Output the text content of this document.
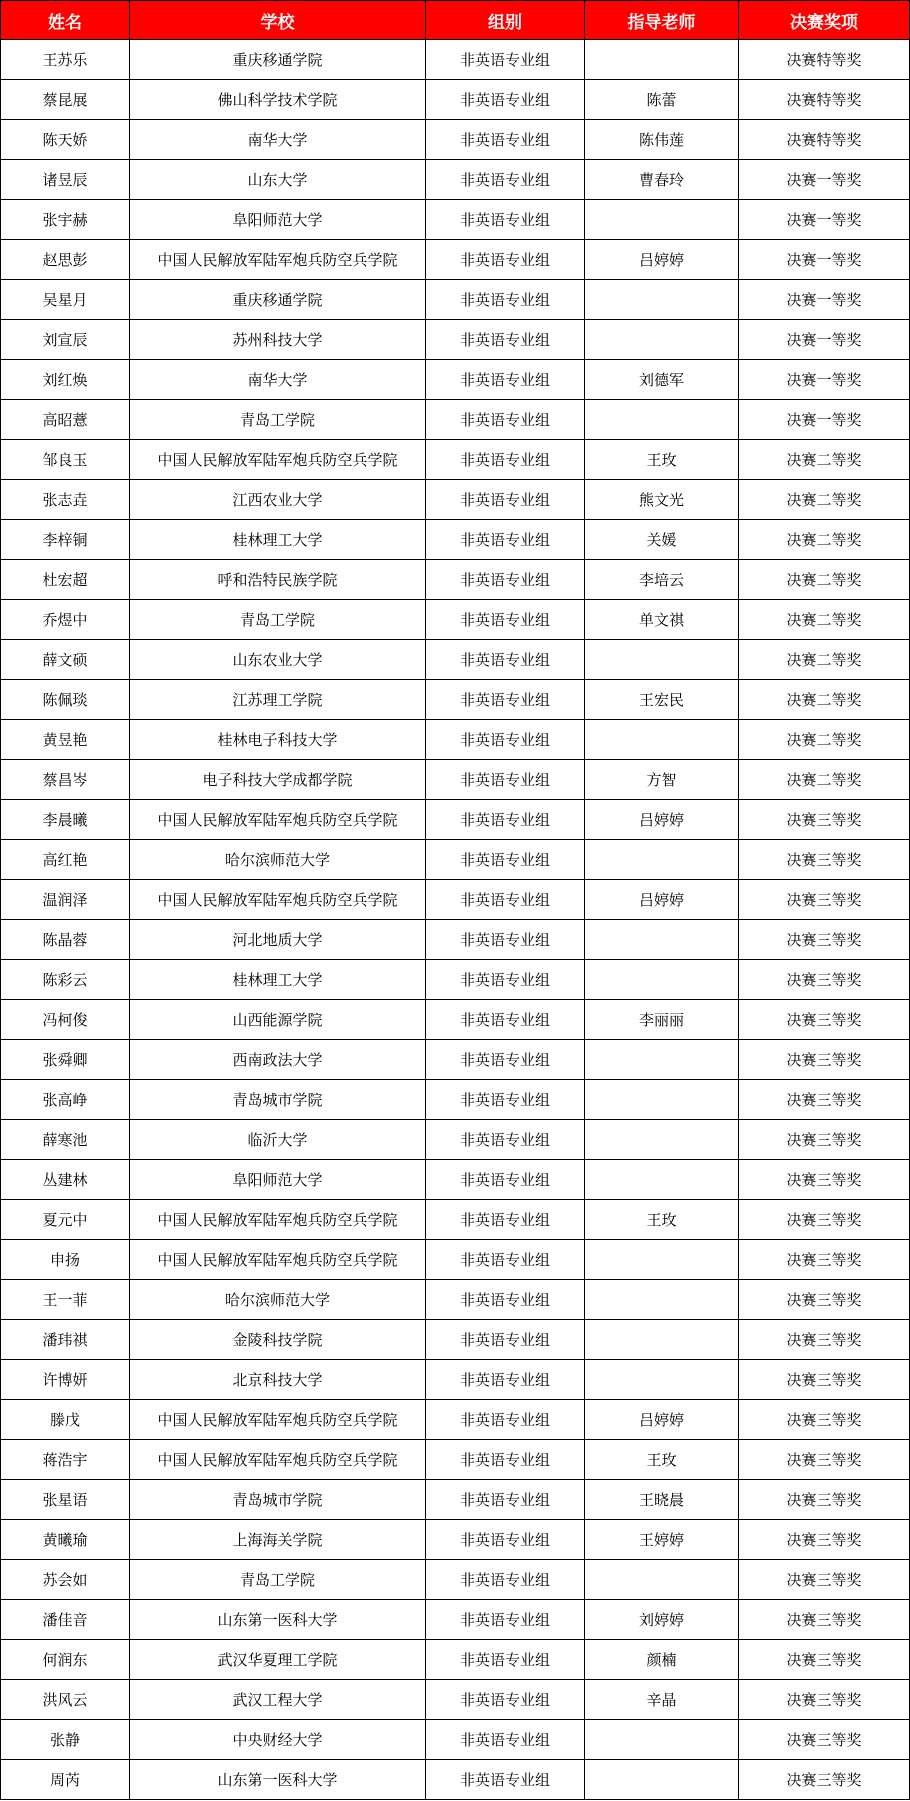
姓名	学校	组别	指导老师	决赛奖项
王苏乐	重庆移通学院	非英语专业组		决赛特等奖
蔡昆展	佛山科学技术学院	非英语专业组	陈蕾	决赛特等奖
陈天娇	南华大学	非英语专业组	陈伟莲	决赛特等奖
诸昱辰	山东大学	非英语专业组	曹春玲	决赛一等奖
张宇赫	阜阳师范大学	非英语专业组		决赛一等奖
赵思彭	中国人民解放军陆军炮兵防空兵学院	非英语专业组	吕婷婷	决赛一等奖
吴星月	重庆移通学院	非英语专业组		决赛一等奖
刘宣辰	苏州科技大学	非英语专业组		决赛一等奖
刘红焕	南华大学	非英语专业组	刘德军	决赛一等奖
高昭薏	青岛工学院	非英语专业组		决赛一等奖
邹良玉	中国人民解放军陆军炮兵防空兵学院	非英语专业组	王玫	决赛二等奖
张志垚	江西农业大学	非英语专业组	熊文光	决赛二等奖
李梓铜	桂林理工大学	非英语专业组	关媛	决赛二等奖
杜宏超	呼和浩特民族学院	非英语专业组	李培云	决赛二等奖
乔煜中	青岛工学院	非英语专业组	单文祺	决赛二等奖
薛文硕	山东农业大学	非英语专业组		决赛二等奖
陈佩琰	江苏理工学院	非英语专业组	王宏民	决赛二等奖
黄昱艳	桂林电子科技大学	非英语专业组		决赛二等奖
蔡昌岑	电子科技大学成都学院	非英语专业组	方智	决赛二等奖
李晨曦	中国人民解放军陆军炮兵防空兵学院	非英语专业组	吕婷婷	决赛三等奖
高红艳	哈尔滨师范大学	非英语专业组		决赛三等奖
温润泽	中国人民解放军陆军炮兵防空兵学院	非英语专业组	吕婷婷	决赛三等奖
陈晶蓉	河北地质大学	非英语专业组		决赛三等奖
陈彩云	桂林理工大学	非英语专业组		决赛三等奖
冯柯俊	山西能源学院	非英语专业组	李丽丽	决赛三等奖
张舜卿	西南政法大学	非英语专业组		决赛三等奖
张高峥	青岛城市学院	非英语专业组		决赛三等奖
薛寒池	临沂大学	非英语专业组		决赛三等奖
丛建林	阜阳师范大学	非英语专业组		决赛三等奖
夏元中	中国人民解放军陆军炮兵防空兵学院	非英语专业组	王玫	决赛三等奖
申扬	中国人民解放军陆军炮兵防空兵学院	非英语专业组		决赛三等奖
王一菲	哈尔滨师范大学	非英语专业组		决赛三等奖
潘玮祺	金陵科技学院	非英语专业组		决赛三等奖
许博妍	北京科技大学	非英语专业组		决赛三等奖
滕戊	中国人民解放军陆军炮兵防空兵学院	非英语专业组	吕婷婷	决赛三等奖
蒋浩宇	中国人民解放军陆军炮兵防空兵学院	非英语专业组	王玫	决赛三等奖
张星语	青岛城市学院	非英语专业组	王晓晨	决赛三等奖
黄曦瑜	上海海关学院	非英语专业组	王婷婷	决赛三等奖
苏会如	青岛工学院	非英语专业组		决赛三等奖
潘佳音	山东第一医科大学	非英语专业组	刘婷婷	决赛三等奖
何润东	武汉华夏理工学院	非英语专业组	颜楠	决赛三等奖
洪风云	武汉工程大学	非英语专业组	辛晶	决赛三等奖
张静	中央财经大学	非英语专业组		决赛三等奖
周芮	山东第一医科大学	非英语专业组		决赛三等奖
